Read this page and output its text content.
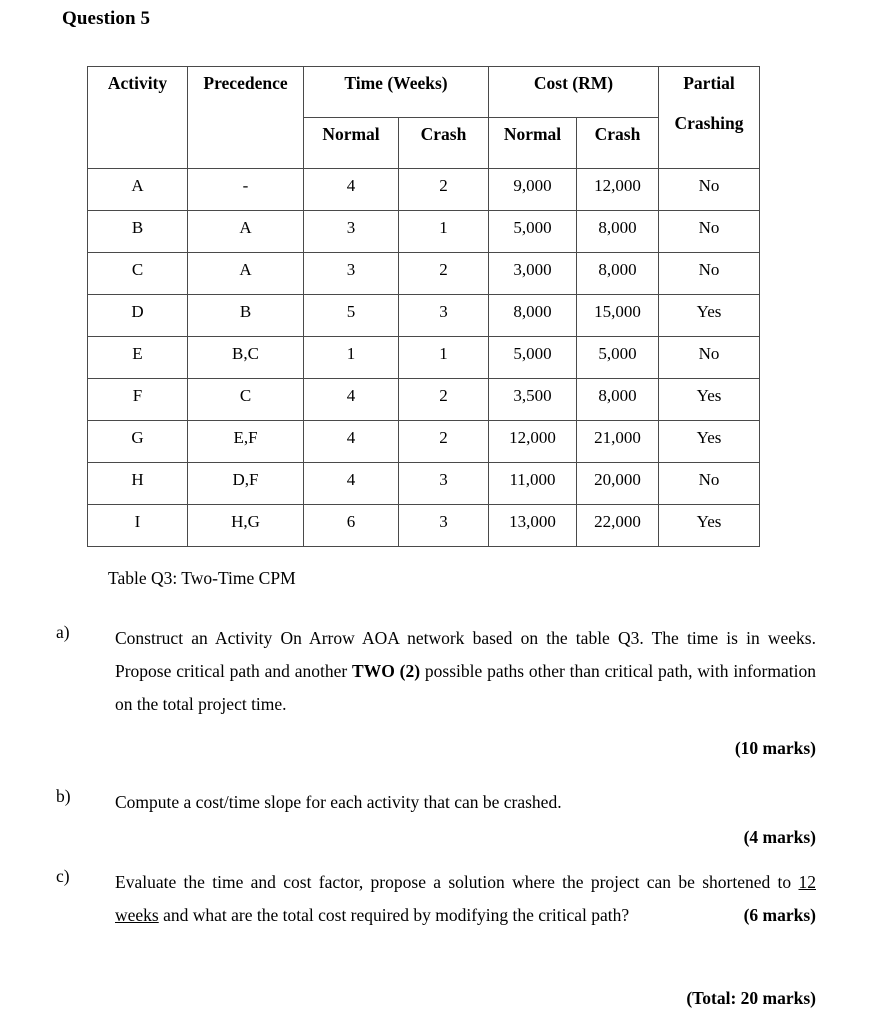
Question 5
Activity	Precedence	Time (Weeks)		Cost (RM)		Partial
Crashing

		Normal	Crash	Normal	Crash	
A	-	4	2	9,000	12,000	No
B	A	3	1	5,000	8,000	No
C	A	3	2	3,000	8,000	No
D	B	5	3	8,000	15,000	Yes
E	B,C	1	1	5,000	5,000	No
F	C	4	2	3,500	8,000	Yes
G	E,F	4	2	12,000	21,000	Yes
H	D,F	4	3	11,000	20,000	No
I	H,G	6	3	13,000	22,000	Yes
Table Q3: Two-Time CPM
a)	Construct an Activity On Arrow AOA network based on the table Q3. The time is in weeks. Propose critical path and another TWO (2) possible paths other than critical path, with information on the total project time.
(10 marks)
b)	Compute a cost/time slope for each activity that can be crashed.
(4 marks)
c)	Evaluate the time and cost factor, propose a solution where the project can be shortened to 12 weeks and what are the total cost required by modifying the critical path?	(6 marks)
(Total: 20 marks)
